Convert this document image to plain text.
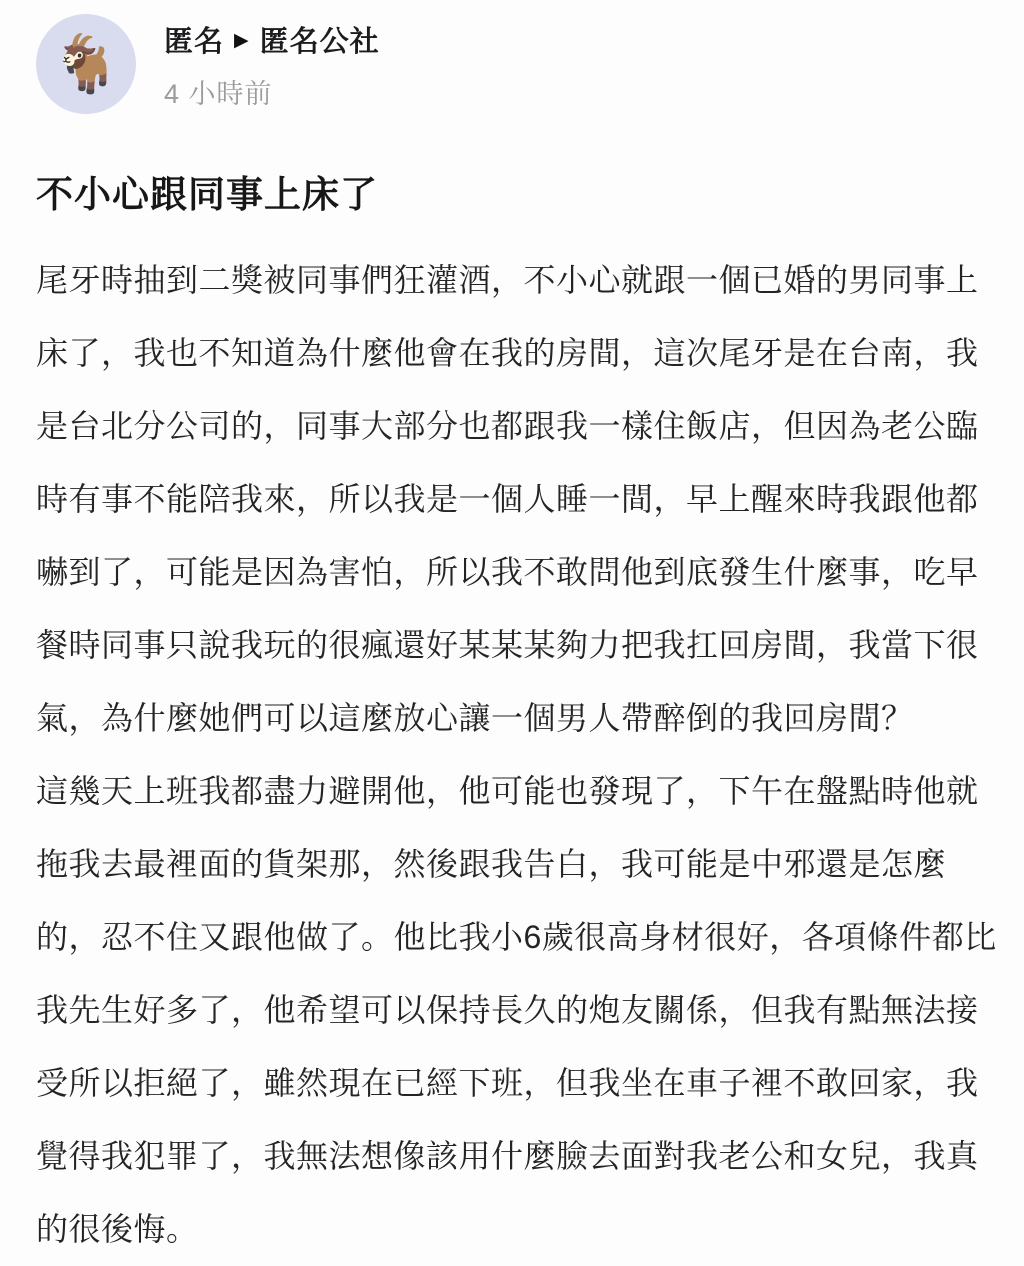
🐐 匿名 ▶ 匿名公社
4 小時前
不小心跟同事上床了
尾牙時抽到二獎被同事們狂灌酒，不小心就跟一個已婚的男同事上
床了，我也不知道為什麼他會在我的房間，這次尾牙是在台南，我
是台北分公司的，同事大部分也都跟我一樣住飯店，但因為老公臨
時有事不能陪我來，所以我是一個人睡一間，早上醒來時我跟他都
嚇到了，可能是因為害怕，所以我不敢問他到底發生什麼事，吃早
餐時同事只說我玩的很瘋還好某某某夠力把我扛回房間，我當下很
氣，為什麼她們可以這麼放心讓一個男人帶醉倒的我回房間？
這幾天上班我都盡力避開他，他可能也發現了，下午在盤點時他就
拖我去最裡面的貨架那，然後跟我告白，我可能是中邪還是怎麼
的，忍不住又跟他做了。他比我小6歲很高身材很好，各項條件都比
我先生好多了，他希望可以保持長久的炮友關係，但我有點無法接
受所以拒絕了，雖然現在已經下班，但我坐在車子裡不敢回家，我
覺得我犯罪了，我無法想像該用什麼臉去面對我老公和女兒，我真
的很後悔。
